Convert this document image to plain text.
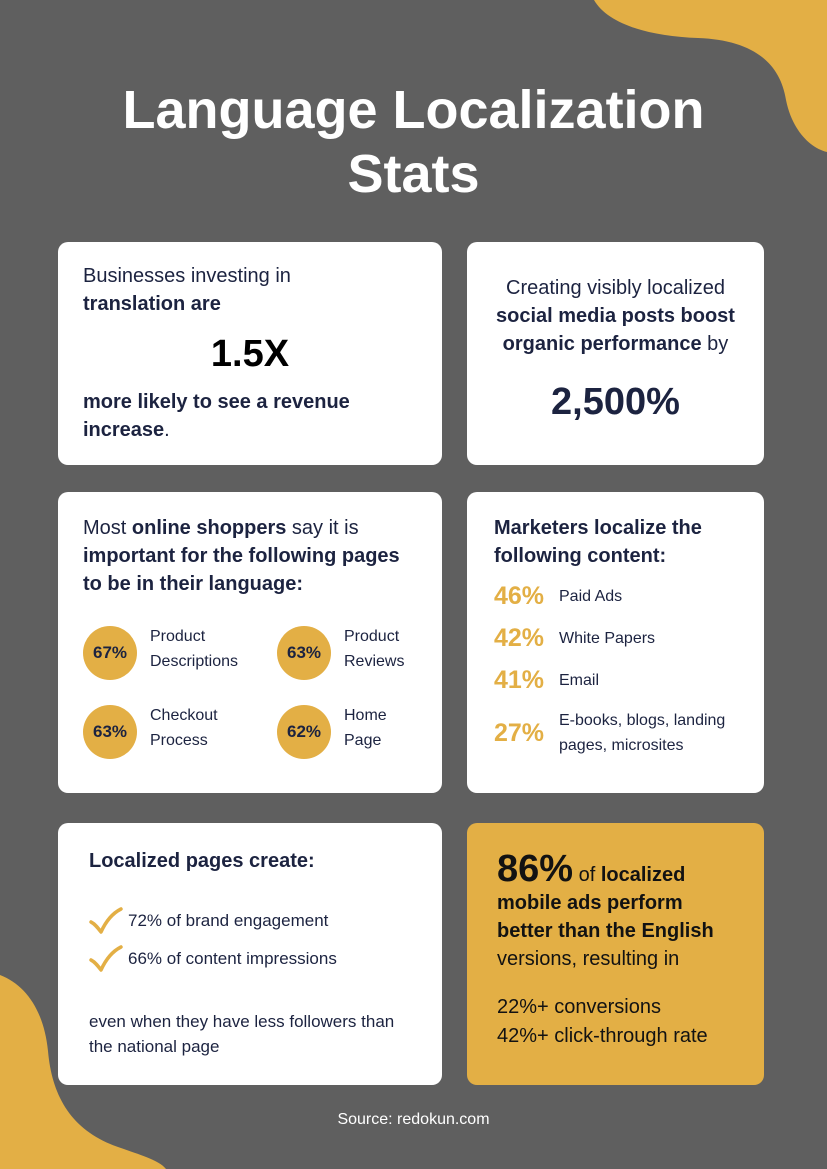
Language Localization
Stats
Businesses investing in
translation are
1.5X
more likely to see a revenue
increase.
Creating visibly localized
social media posts boost
organic performance by
2,500%
Most online shoppers say it is
important for the following pages
to be in their language:
67%
Product
Descriptions	63%
Product
Reviews
63%
Checkout
Process	62%
Home
Page
Marketers localize the
following content:
46% Paid Ads
42% White Papers
41% Email
27% E-books, blogs, landing pages, microsites
Localized pages create:
72% of brand engagement
66% of content impressions
even when they have less followers than the national page
86% of localized
mobile ads perform
better than the English
versions, resulting in
22%+ conversions
42%+ click-through rate
Source: redokun.com
